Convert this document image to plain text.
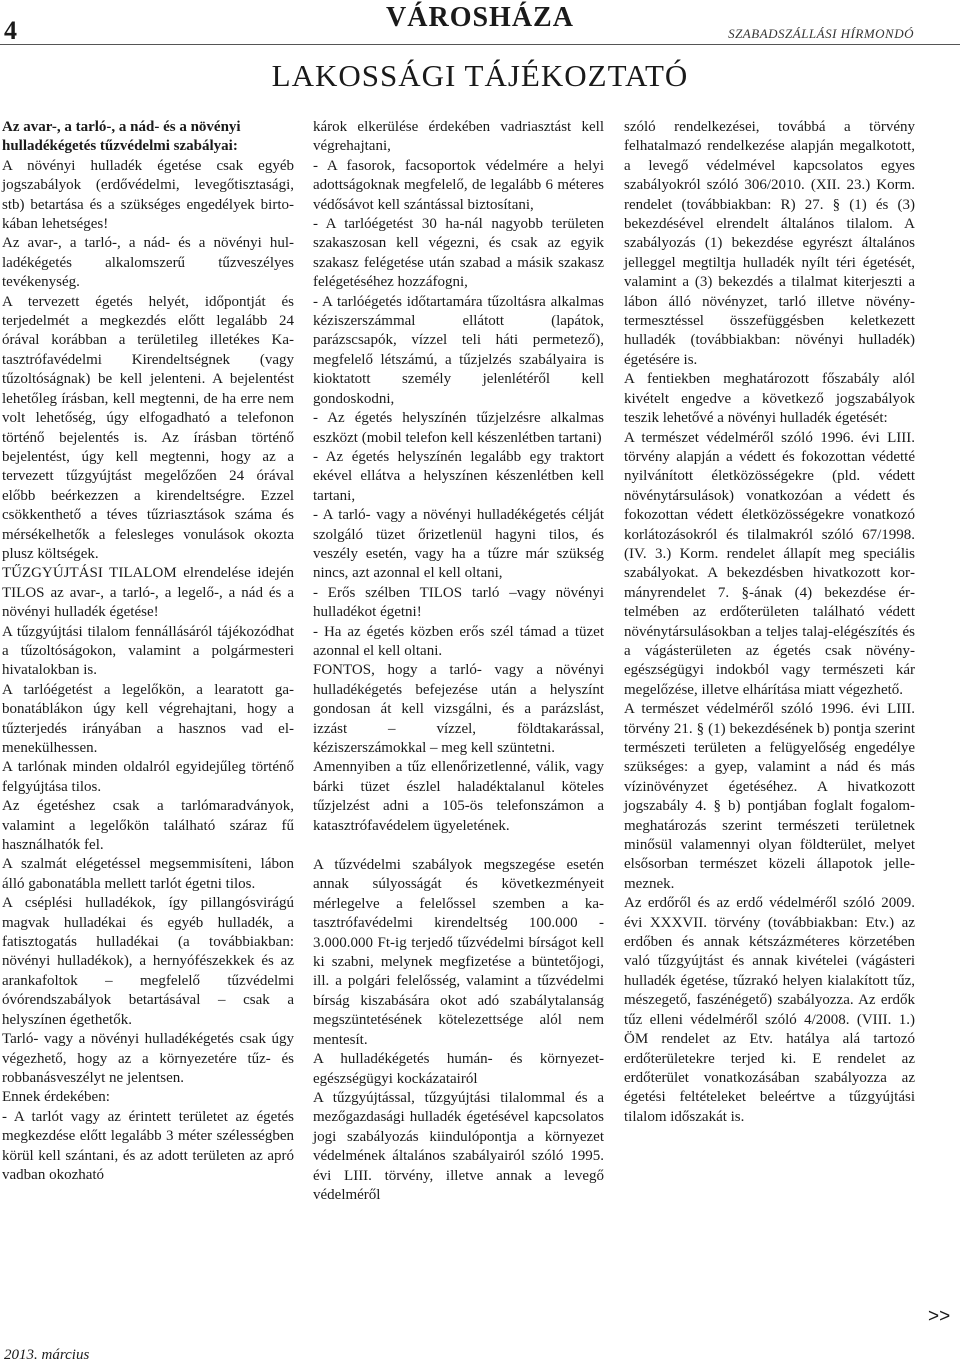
4	VÁROSHÁZA
SZABADSZÁLLÁSI HÍRMONDÓ
LAKOSSÁGI TÁJÉKOZTATÓ

Az avar-, a tarló-, a nád- és a növényi

hulladékégetés tűzvédelmi szabályai:

A növényi hulladék égetése csak egyéb jogszabályok (erdővédelmi, levegőtisztasági, stb) betartása és a szükséges engedélyek birtokában lehetséges!

Az avar-, a tarló-, a nád- és a növényi hulladékégetés alkalomszerű tűzveszélyes tevékenység.

A tervezett égetés helyét, időpontját és terjedelmét a megkezdés előtt legalább 24 órával korábban a területileg illetékes Katasztrófavédelmi Kirendeltségnek (vagy tűzoltóságnak) be kell jelenteni. A bejelentést lehetőleg írásban, kell megtenni, de ha erre nem volt lehetőség, úgy elfogadható a telefonon történő bejelentés is. Az írásban történő bejelentést, úgy kell megtenni, hogy az a tervezett tűzgyújtást megelőzően 24 órával előbb beérkezzen a kirendeltségre. Ezzel csökkenthető a téves tűzriasztások száma és mérsékelhetők a felesleges vonulások okozta plusz költségek.

TŰZGYÚJTÁSI TILALOM elrendelése idején TILOS az avar-, a tarló-, a legelő-, a nád és a növényi hulladék égetése!

A tűzgyújtási tilalom fennállásáról tájékozódhat a tűzoltóságokon, valamint a polgármesteri hivatalokban is.

A tarlóégetést a legelőkön, a learatott gabonatáblákon úgy kell végrehajtani, hogy a tűzterjedés irányában a hasznos vad elmenekülhessen.

A tarlónak minden oldalról egyidejűleg történő felgyújtása tilos.

Az égetéshez csak a tarlómaradványok, valamint a legelőkön található száraz fű használhatók fel.

A szalmát elégetéssel megsemmisíteni, lábon álló gabonatábla mellett tarlót égetni tilos.

A cséplési hulladékok, így pillangósvirágú magvak hulladékai és egyéb hulladék, a fatisztogatás hulladékai (a továbbiakban: növényi hulladékok), a hernyófészekkek és az arankafoltok – megfelelő tűzvédelmi óvórendszabályok betartásával – csak a helyszínen égethetők.

Tarló- vagy a növényi hulladékégetés csak úgy végezhető, hogy az a környezetére tűz- és robbanásveszélyt ne jelentsen.

Ennek érdekében:

- A tarlót vagy az érintett területet az égetés megkezdése előtt legalább 3 méter szélességben körül kell szántani, és az adott területen az apró vadban okozható

károk elkerülése érdekében vadriasztást kell végrehajtani,

- A fasorok, facsoportok védelmére a helyi adottságoknak megfelelő, de legalább 6 méteres védősávot kell szántással biztosítani,

- A tarlóégetést 30 ha-nál nagyobb területen szakaszosan kell végezni, és csak az egyik szakasz felégetése után szabad a másik szakasz felégetéséhez hozzáfogni,

- A tarlóégetés időtartamára tűzoltásra alkalmas kéziszerszámmal ellátott (lapátok, parázscsapók, vízzel teli háti permetező), megfelelő létszámú, a tűzjelzés szabályaira is kioktatott személy jelenlétéről kell gondoskodni,

- Az égetés helyszínén tűzjelzésre alkalmas eszközt (mobil telefon kell készenlétben tartani)

- Az égetés helyszínén legalább egy traktort ekével ellátva a helyszínen készenlétben kell tartani,

- A tarló- vagy a növényi hulladékégetés célját szolgáló tüzet őrizetlenül hagyni tilos, és veszély esetén, vagy ha a tűzre már szükség nincs, azt azonnal el kell oltani,

- Erős szélben TILOS tarló –vagy növényi hulladékot égetni!

- Ha az égetés közben erős szél támad a tüzet azonnal el kell oltani.

FONTOS, hogy a tarló- vagy a növényi hulladékégetés befejezése után a helyszínt gondosan át kell vizsgálni, és a parázslást, izzást – vízzel, földtakarással, kéziszerszámokkal – meg kell szüntetni.

Amennyiben a tűz ellenőrizetlenné, válik, vagy bárki tüzet észlel haladéktalanul köteles tűzjelzést adni a 105-ös telefonszámon a katasztrófavédelem ügyeletének.

A tűzvédelmi szabályok megszegése esetén annak súlyosságát és következményeit mérlegelve a felelőssel szemben a katasztrófavédelmi kirendeltség 100.000 - 3.000.000 Ft-ig terjedő tűzvédelmi bírságot kell ki szabni, melynek megfizetése a büntetőjogi, ill. a polgári felelősség, valamint a tűzvédelmi bírság kiszabására okot adó szabálytalanság megszüntetésének kötelezettsége alól nem mentesít.

A hulladékégetés humán- és környezetegészségügyi kockázatairól

A tűzgyújtással, tűzgyújtási tilalommal és a mezőgazdasági hulladék égetésével kapcsolatos jogi szabályozás kiindulópontja a környezet védelmének általános szabályairól szóló 1995. évi LIII. törvény, illetve annak a levegő védelméről

szóló rendelkezései, továbbá a törvény felhatalmazó rendelkezése alapján megalkotott, a levegő védelmével kapcsolatos egyes szabályokról szóló 306/2010. (XII. 23.) Korm. rendelet (továbbiakban: R) 27. § (1) és (3) bekezdésével elrendelt általános tilalom. A szabályozás (1) bekezdése egyrészt általános jelleggel megtiltja hulladék nyílt téri égetését, valamint a (3) bekezdés a tilalmat kiterjeszti a lábon álló növényzet, tarló illetve növénytermesztéssel összefüggésben keletkezett hulladék (továbbiakban: növényi hulladék) égetésére is.

A fentiekben meghatározott főszabály alól kivételt engedve a következő jogszabályok teszik lehetővé a növényi hulladék égetését:

A természet védelméről szóló 1996. évi LIII. törvény alapján a védett és fokozottan védetté nyilvánított életközösségekre (pld. védett növénytársulások) vonatkozóan a védett és fokozottan védett életközösségekre vonatkozó korlátozásokról és tilalmakról szóló 67/1998. (IV. 3.) Korm. rendelet állapít meg speciális szabályokat. A bekezdésben hivatkozott kormányrendelet 7. §-ának (4) bekezdése értelmében az erdőterületen található védett növénytársulásokban a teljes talaj-elégészítés és a vágásterületen az égetés csak növény-egészségügyi indokból vagy természeti kár megelőzése, illetve elhárítása miatt végezhető.

A természet védelméről szóló 1996. évi LIII. törvény 21. § (1) bekezdésének b) pontja szerint természeti területen a felügyelőség engedélye szükséges: a gyep, valamint a nád és más vízinövényzet égetéséhez. A hivatkozott jogszabály 4. § b) pontjában foglalt fogalom-meghatározás szerint természeti területnek minősül valamennyi olyan földterület, melyet elsősorban természet közeli állapotok jellemeznek.

Az erdőről és az erdő védelméről szóló 2009. évi XXXVII. törvény (továbbiakban: Etv.) az erdőben és annak kétszázméteres körzetében való tűzgyújtást és annak kivételei (vágásteri hulladék égetése, tűzrakó helyen kialakított tűz, mészegető, faszénégető) szabályozza. Az erdők tűz elleni védelméről szóló 4/2008. (VIII. 1.) ÖM rendelet az Etv. hatálya alá tartozó erdőterületekre terjed ki. E rendelet az erdőterület vonatkozásában szabályozza az égetési feltételeket beleértve a tűzgyújtási tilalom időszakát is.

2013. március
>>
